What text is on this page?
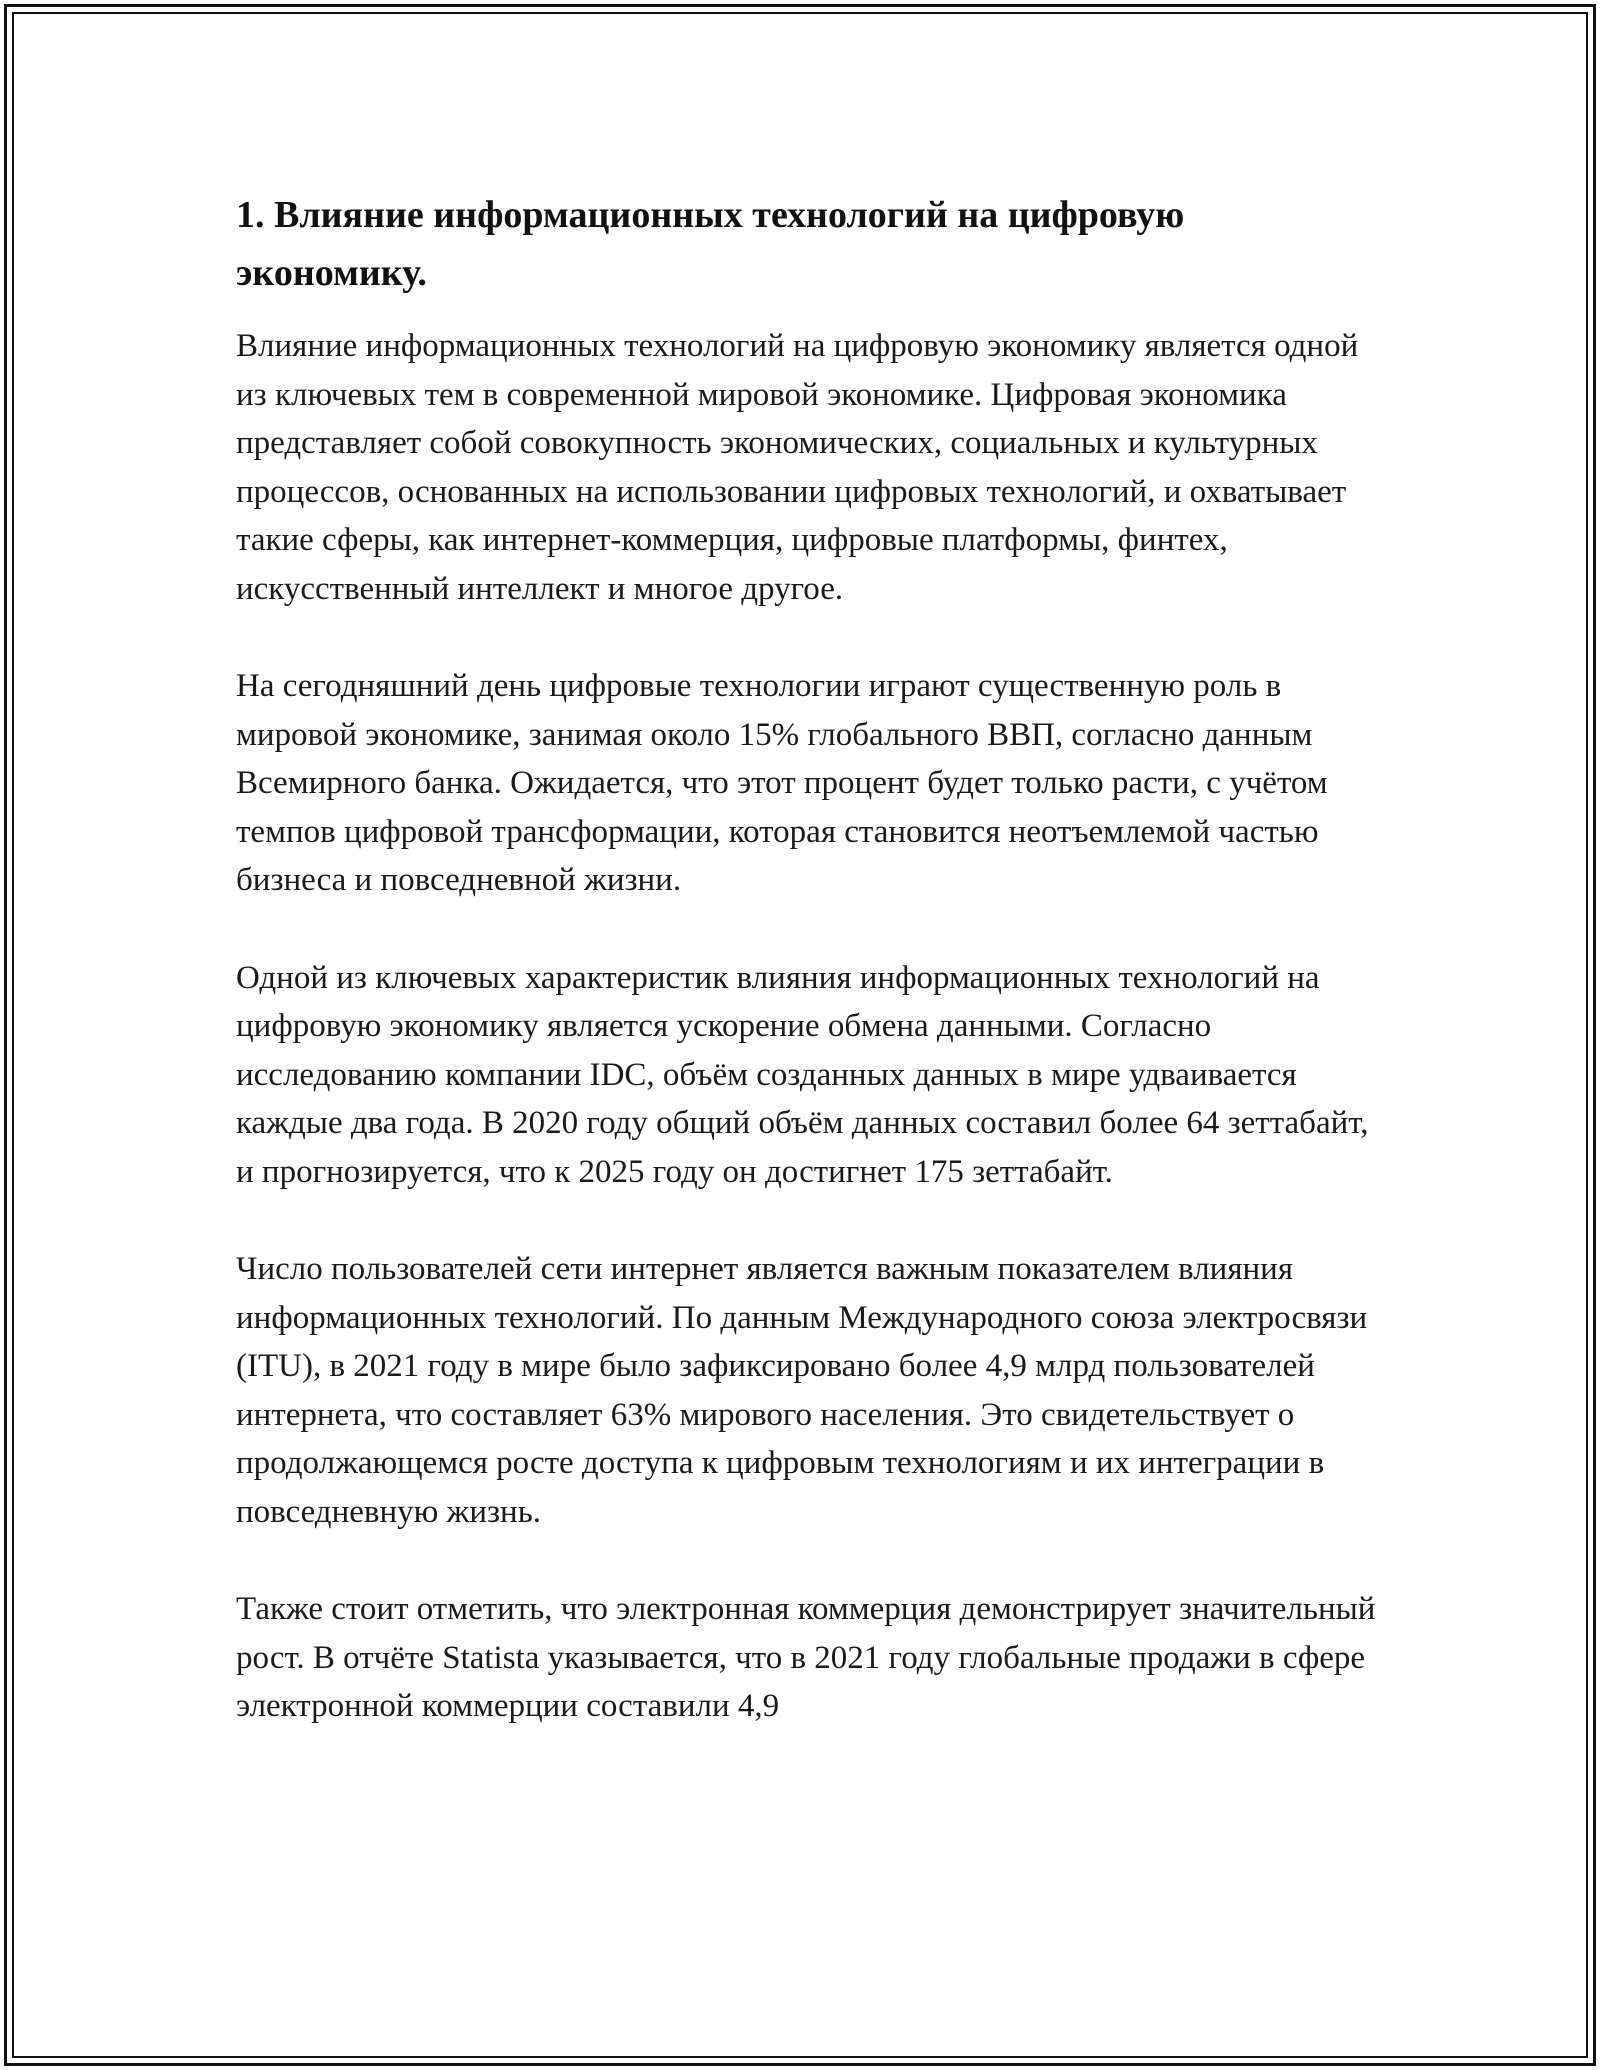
1. Влияние информационных технологий на цифровую экономику.

Влияние информационных технологий на цифровую экономику является одной из ключевых тем в современной мировой экономике. Цифровая экономика представляет собой совокупность экономических, социальных и культурных процессов, основанных на использовании цифровых технологий, и охватывает такие сферы, как интернет-коммерция, цифровые платформы, финтех, искусственный интеллект и многое другое.

На сегодняшний день цифровые технологии играют существенную роль в мировой экономике, занимая около 15% глобального ВВП, согласно данным Всемирного банка. Ожидается, что этот процент будет только расти, с учётом темпов цифровой трансформации, которая становится неотъемлемой частью бизнеса и повседневной жизни.

Одной из ключевых характеристик влияния информационных технологий на цифровую экономику является ускорение обмена данными. Согласно исследованию компании IDC, объём созданных данных в мире удваивается каждые два года. В 2020 году общий объём данных составил более 64 зеттабайт, и прогнозируется, что к 2025 году он достигнет 175 зеттабайт.

Число пользователей сети интернет является важным показателем влияния информационных технологий. По данным Международного союза электросвязи (ITU), в 2021 году в мире было зафиксировано более 4,9 млрд пользователей интернета, что составляет 63% мирового населения. Это свидетельствует о продолжающемся росте доступа к цифровым технологиям и их интеграции в повседневную жизнь.

Также стоит отметить, что электронная коммерция демонстрирует значительный рост. В отчёте Statista указывается, что в 2021 году глобальные продажи в сфере электронной коммерции составили 4,9
